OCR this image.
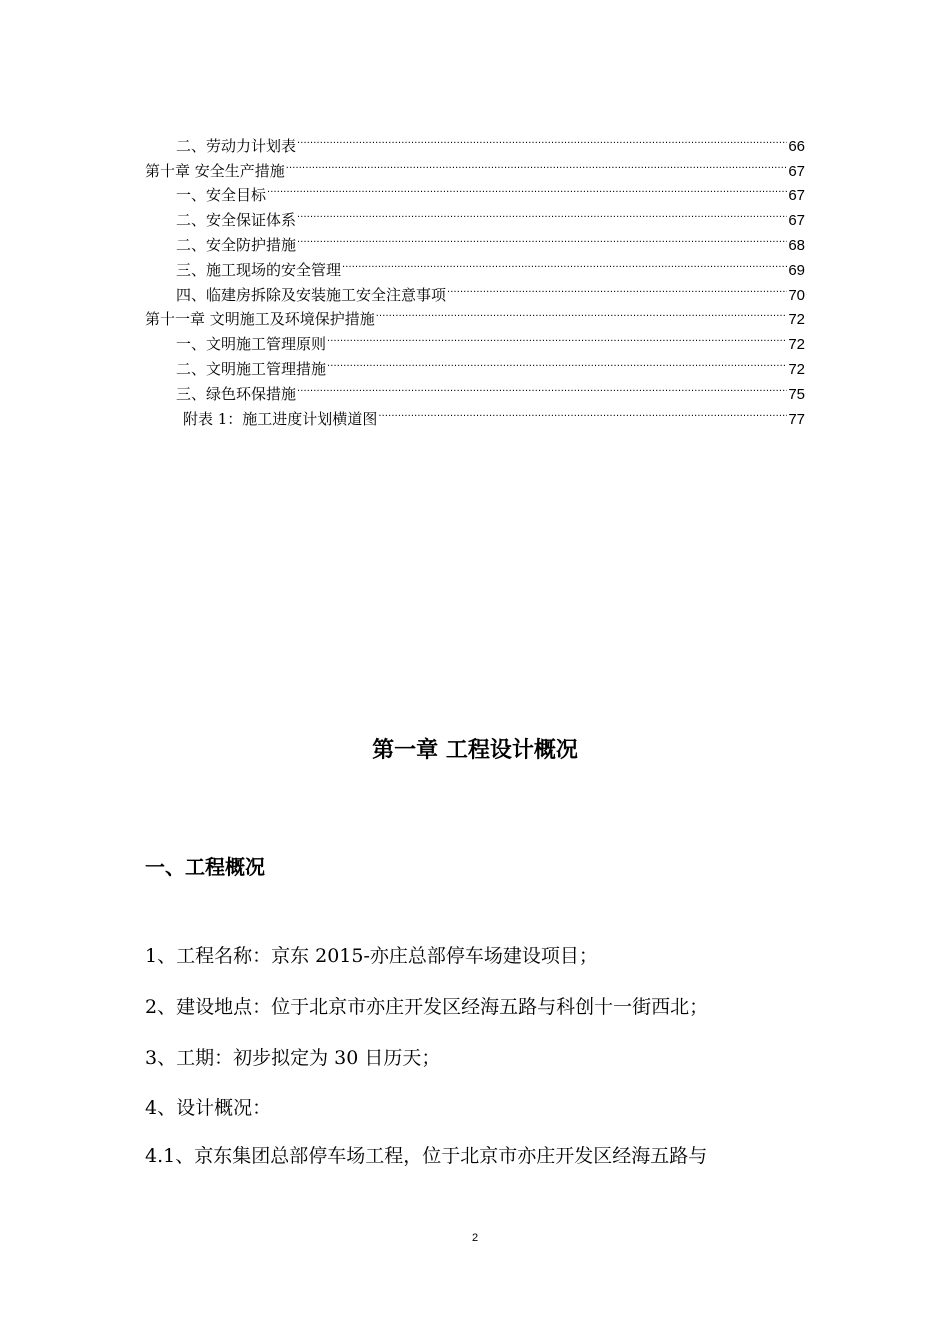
二、劳动力计划表 .....	66
第十章 安全生产措施 .....	67
一、安全目标 .....	67
二、安全保证体系 .....	67
二、安全防护措施 .....	68
三、施工现场的安全管理 .....	69
四、临建房拆除及安装施工安全注意事项 .....	70
第十一章 文明施工及环境保护措施 .....	72
一、文明施工管理原则 .....	72
二、文明施工管理措施 .....	72
三、绿色环保措施 .....	75
附表 1：施工进度计划横道图 .....	77
第一章 工程设计概况
一、工程概况
1、工程名称：京东 2015-亦庄总部停车场建设项目；
2、建设地点：位于北京市亦庄开发区经海五路与科创十一街西北；
3、工期：初步拟定为 30 日历天；
4、设计概况：
4.1、京东集团总部停车场工程，位于北京市亦庄开发区经海五路与
2
